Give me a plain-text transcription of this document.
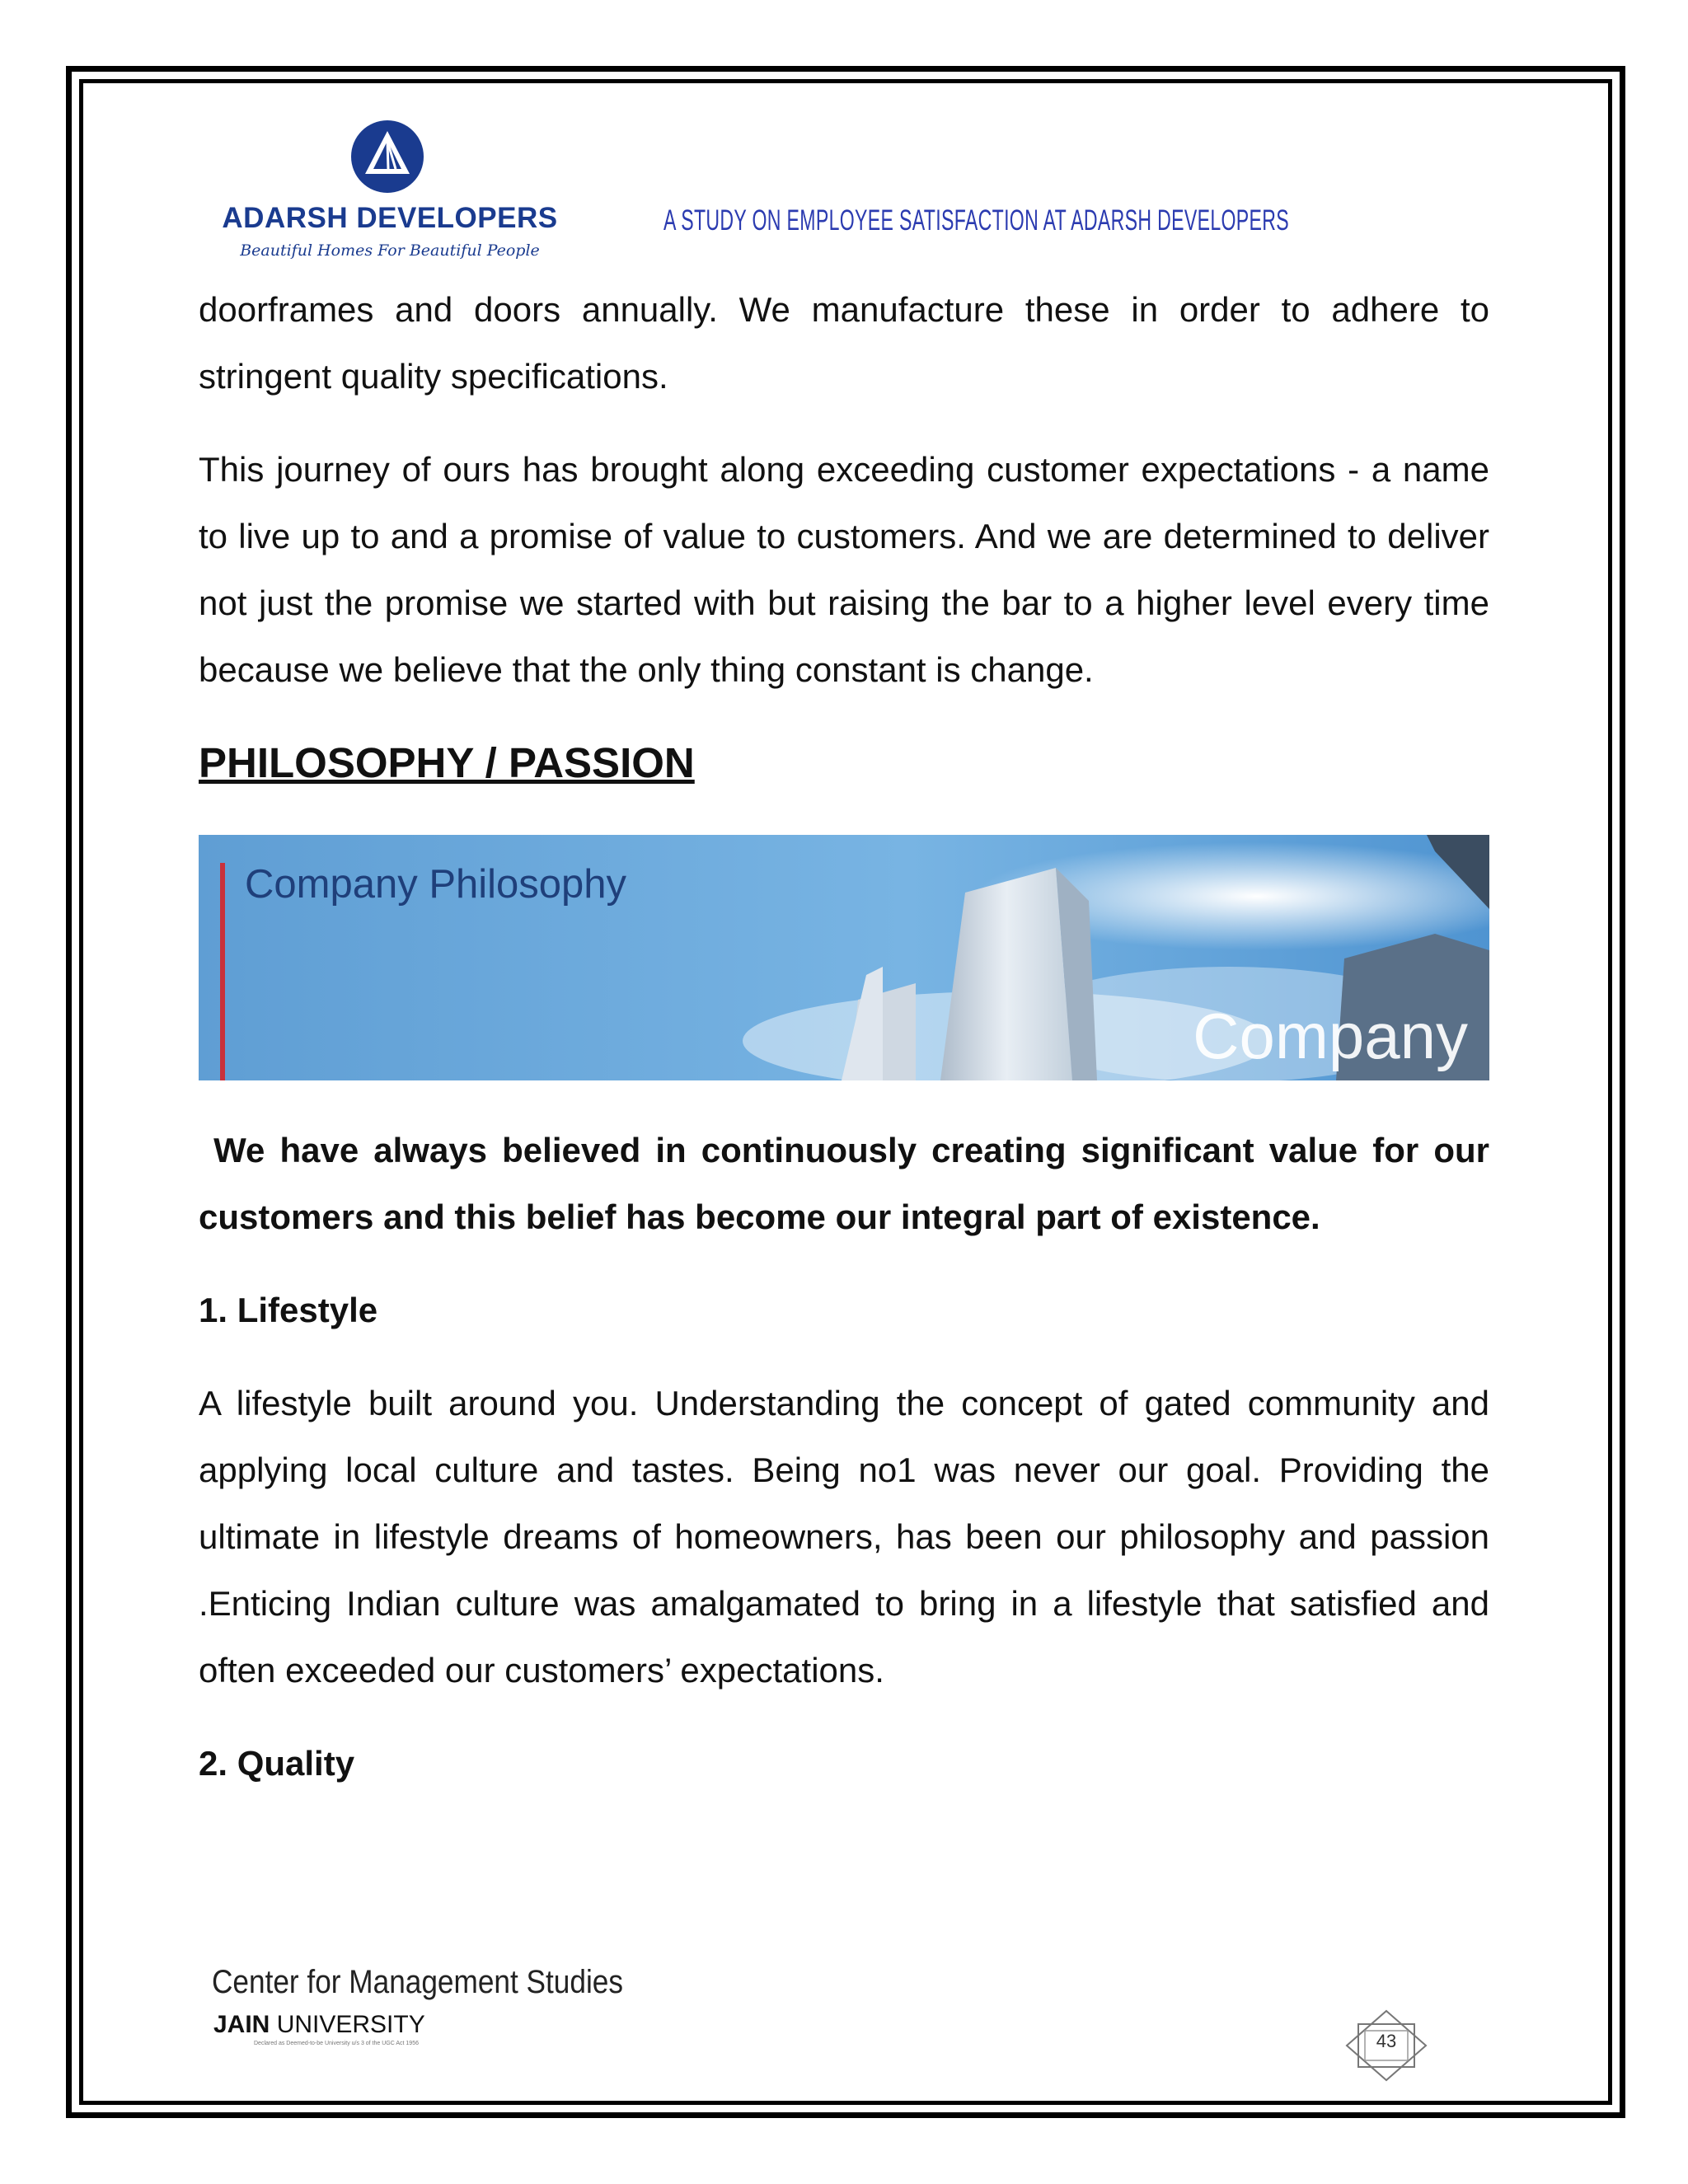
ADARSH DEVELOPERS
Beautiful Homes For Beautiful People
A STUDY ON EMPLOYEE SATISFACTION AT ADARSH DEVELOPERS

doorframes and doors annually. We manufacture these in order to adhere to stringent quality specifications.

This journey of ours has brought along exceeding customer expectations - a name to live up to and a promise of value to customers. And we are determined to deliver not just the promise we started with but raising the bar to a higher level every time because we believe that the only thing constant is change.

PHILOSOPHY / PASSION
Company Philosophy
Company

We have always believed in continuously creating significant value for our customers and this belief has become our integral part of existence.

1. Lifestyle

A lifestyle built around you. Understanding the concept of gated community and applying local culture and tastes. Being no1 was never our goal. Providing the ultimate in lifestyle dreams of homeowners, has been our philosophy and passion .Enticing Indian culture was amalgamated to bring in a lifestyle that satisfied and often exceeded our customers’ expectations.

2. Quality

Center for Management Studies
JAIN UNIVERSITY
Declared as Deemed-to-be University u/s 3 of the UGC Act 1956	43
